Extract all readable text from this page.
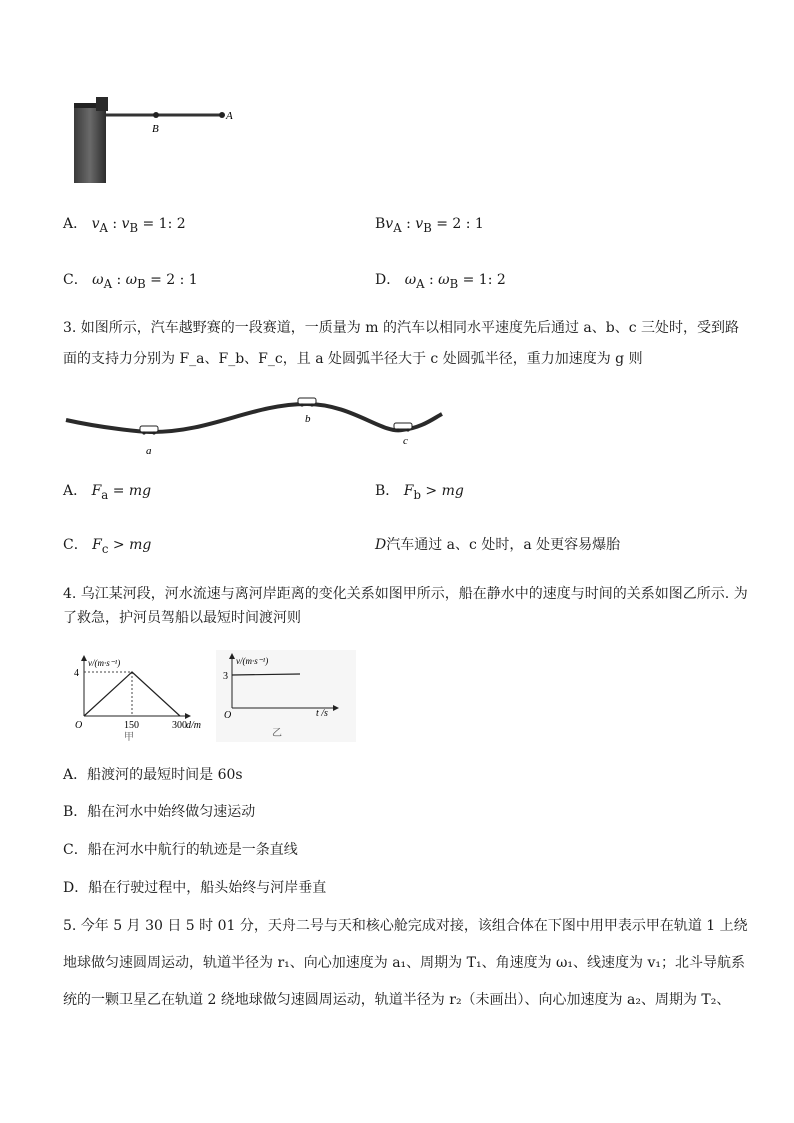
B
A
A． $v_A$ : $v_B = 1$: 2	$Bv_A$ : $v_B = 2$ : 1
C． $\omega_A$ : $\omega_B = 2$ : 1	D． $\omega_A$ : $\omega_B = 1$: 2
3. 如图所示，汽车越野赛的一段赛道，一质量为 m 的汽车以相同水平速度先后通过 a、b、c 三处时，受到路
面的支持力分别为 F_a、F_b、F_c，且 a 处圆弧半径大于 c 处圆弧半径，重力加速度为 g 则
a
b
c
A． $F_a$ = mg	B． $F_b$ > mg
C． $F_c$ > mg	D汽车通过 a、c 处时，a 处更容易爆胎
4. 乌江某河段，河水流速与离河岸距离的变化关系如图甲所示，船在静水中的速度与时间的关系如图乙所示. 为
了救急，护河员驾船以最短时间渡河则
v/(m·s⁻¹)
4
O	150	300 d/m
甲
v/(m·s⁻¹)
3
O	t /s
乙
A．船渡河的最短时间是 60s
B．船在河水中始终做匀速运动
C．船在河水中航行的轨迹是一条直线
D．船在行驶过程中，船头始终与河岸垂直
5. 今年 5 月 30 日 5 时 01 分，天舟二号与天和核心舱完成对接，该组合体在下图中用甲表示甲在轨道 1 上绕
地球做匀速圆周运动，轨道半径为 r₁、向心加速度为 a₁、周期为 T₁、角速度为 ω₁、线速度为 v₁；北斗导航系
统的一颗卫星乙在轨道 2 绕地球做匀速圆周运动，轨道半径为 r₂（未画出）、向心加速度为 a₂、周期为 T₂、
